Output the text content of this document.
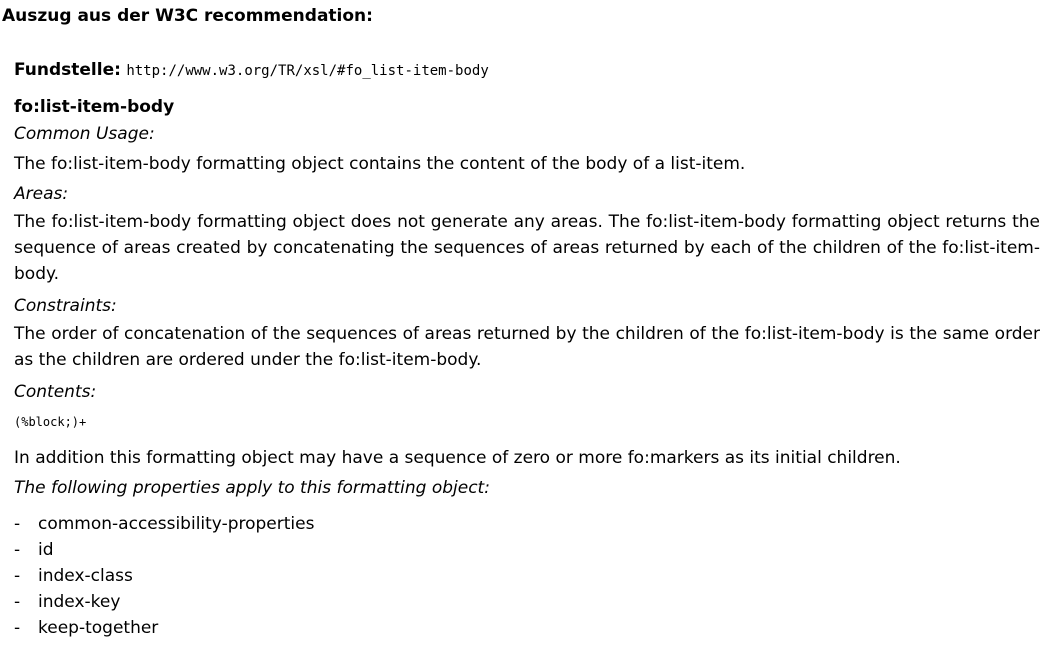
Auszug aus der W3C recommendation:
Fundstelle: http://www.w3.org/TR/xsl/#fo_list-item-body
fo:list-item-body
Common Usage:

The fo:list-item-body formatting object contains the content of the body of a list-item.

Areas:

The fo:list-item-body formatting object does not generate any areas. The fo:list-item-body formatting object returns the sequence of areas created by concatenating the sequences of areas returned by each of the children of the fo:list-item-body.

Constraints:

The order of concatenation of the sequences of areas returned by the children of the fo:list-item-body is the same order as the children are ordered under the fo:list-item-body.

Contents:
(%block;)+

In addition this formatting object may have a sequence of zero or more fo:markers as its initial children.

The following properties apply to this formatting object:
- common-accessibility-properties
- id
- index-class
- index-key
- keep-together
